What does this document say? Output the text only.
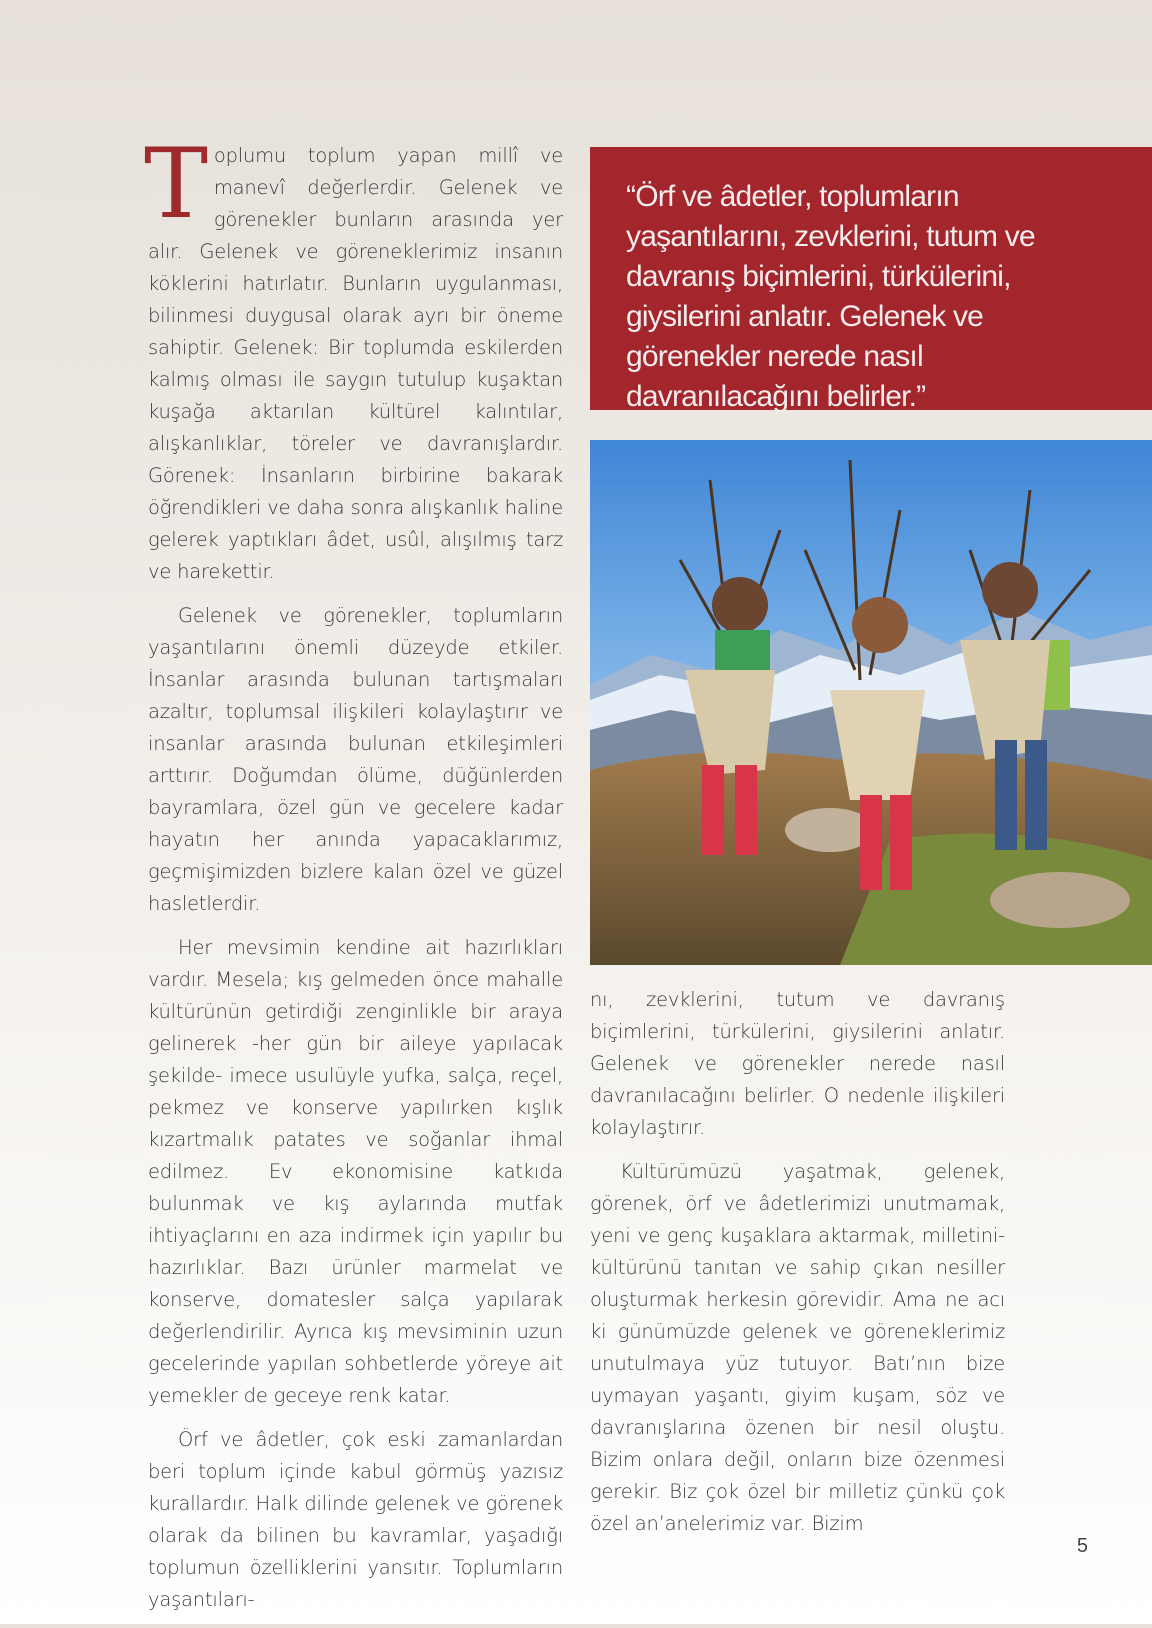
Toplumu toplum yapan millî ve manevî değerlerdir. Gelenek ve görenekler bunların arasında yer alır. Gelenek ve göreneklerimiz insanın köklerini hatırlatır. Bunların uygulanması, bilinmesi duygusal olarak ayrı bir öneme sahiptir. Gelenek: Bir toplumda eskilerden kalmış olması ile saygın tutulup kuşaktan kuşağa aktarılan kültürel kalıntılar, alışkanlıklar, töreler ve davranışlardır. Görenek: İnsanların birbirine bakarak öğrendikleri ve daha sonra alışkanlık haline gelerek yaptıkları âdet, usûl, alışılmış tarz ve harekettir.

Gelenek ve görenekler, toplumların yaşantılarını önemli düzeyde etkiler. İnsanlar arasında bulunan tartışmaları azaltır, toplumsal ilişkileri kolaylaştırır ve insanlar arasında bulunan etkileşimleri arttırır. Doğumdan ölüme, düğünlerden bayramlara, özel gün ve gecelere kadar hayatın her anında yapacaklarımız, geçmişimizden bizlere kalan özel ve güzel hasletlerdir.

Her mevsimin kendine ait hazırlıkları vardır. Mesela; kış gelmeden önce mahalle kültürünün getirdiği zenginlikle bir araya gelinerek -her gün bir aileye yapılacak şekilde- imece usulüyle yufka, salça, reçel, pekmez ve konserve yapılırken kışlık kızartmalık patates ve soğanlar ihmal edilmez. Ev ekonomisine katkıda bulunmak ve kış aylarında mutfak ihtiyaçlarını en aza indirmek için yapılır bu hazırlıklar. Bazı ürünler marmelat ve konserve, domatesler salça yapılarak değerlendirilir. Ayrıca kış mevsiminin uzun gecelerinde yapılan sohbetlerde yöreye ait yemekler de geceye renk katar.

Örf ve âdetler, çok eski zamanlardan beri toplum içinde kabul görmüş yazısız kurallardır. Halk dilinde gelenek ve görenek olarak da bilinen bu kavramlar, yaşadığı toplumun özelliklerini yansıtır. Toplumların yaşantıları-

“Örf ve âdetler, toplumların yaşantılarını, zevklerini, tutum ve davranış biçimlerini, türkülerini, giysilerini anlatır. Gelenek ve görenekler nerede nasıl davranılacağını belirler.”

nı, zevklerini, tutum ve davranış biçimlerini, türkülerini, giysilerini anlatır. Gelenek ve görenekler nerede nasıl davranılacağını belirler. O nedenle ilişkileri kolaylaştırır.

Kültürümüzü yaşatmak, gelenek, görenek, örf ve âdetlerimizi unutmamak, yeni ve genç kuşaklara aktarmak, milletini-kültürünü tanıtan ve sahip çıkan nesiller oluşturmak herkesin görevidir. Ama ne acı ki günümüzde gelenek ve göreneklerimiz unutulmaya yüz tutuyor. Batı’nın bize uymayan yaşantı, giyim kuşam, söz ve davranışlarına özenen bir nesil oluştu. Bizim onlara değil, onların bize özenmesi gerekir. Biz çok özel bir milletiz çünkü çok özel an’anelerimiz var. Bizim

5
